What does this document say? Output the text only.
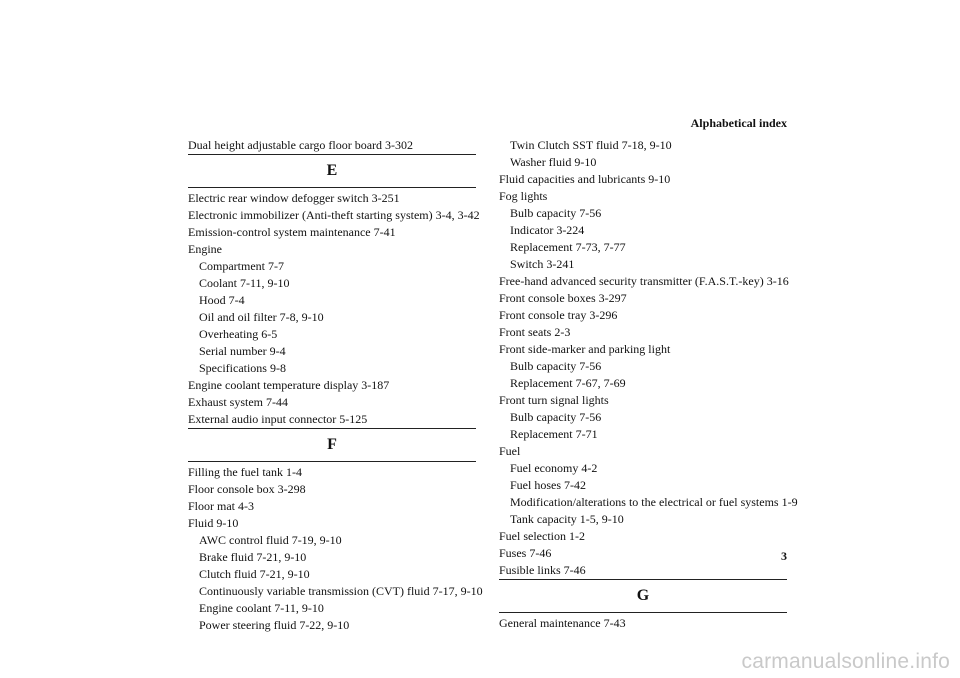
Alphabetical index
Dual height adjustable cargo floor board 3-302
E
Electric rear window defogger switch 3-251
Electronic immobilizer (Anti-theft starting system) 3-4, 3-42
Emission-control system maintenance 7-41
Engine
Compartment 7-7
Coolant 7-11, 9-10
Hood 7-4
Oil and oil filter 7-8, 9-10
Overheating 6-5
Serial number 9-4
Specifications 9-8
Engine coolant temperature display 3-187
Exhaust system 7-44
External audio input connector 5-125
F
Filling the fuel tank 1-4
Floor console box 3-298
Floor mat 4-3
Fluid 9-10
AWC control fluid 7-19, 9-10
Brake fluid 7-21, 9-10
Clutch fluid 7-21, 9-10
Continuously variable transmission (CVT) fluid 7-17, 9-10
Engine coolant 7-11, 9-10
Power steering fluid 7-22, 9-10
Twin Clutch SST fluid 7-18, 9-10
Washer fluid 9-10
Fluid capacities and lubricants 9-10
Fog lights
Bulb capacity 7-56
Indicator 3-224
Replacement 7-73, 7-77
Switch 3-241
Free-hand advanced security transmitter (F.A.S.T.-key) 3-16
Front console boxes 3-297
Front console tray 3-296
Front seats 2-3
Front side-marker and parking light
Bulb capacity 7-56
Replacement 7-67, 7-69
Front turn signal lights
Bulb capacity 7-56
Replacement 7-71
Fuel
Fuel economy 4-2
Fuel hoses 7-42
Modification/alterations to the electrical or fuel systems 1-9
Tank capacity 1-5, 9-10
Fuel selection 1-2
Fuses 7-46
Fusible links 7-46
G
General maintenance 7-43
3
carmanualsonline.info
